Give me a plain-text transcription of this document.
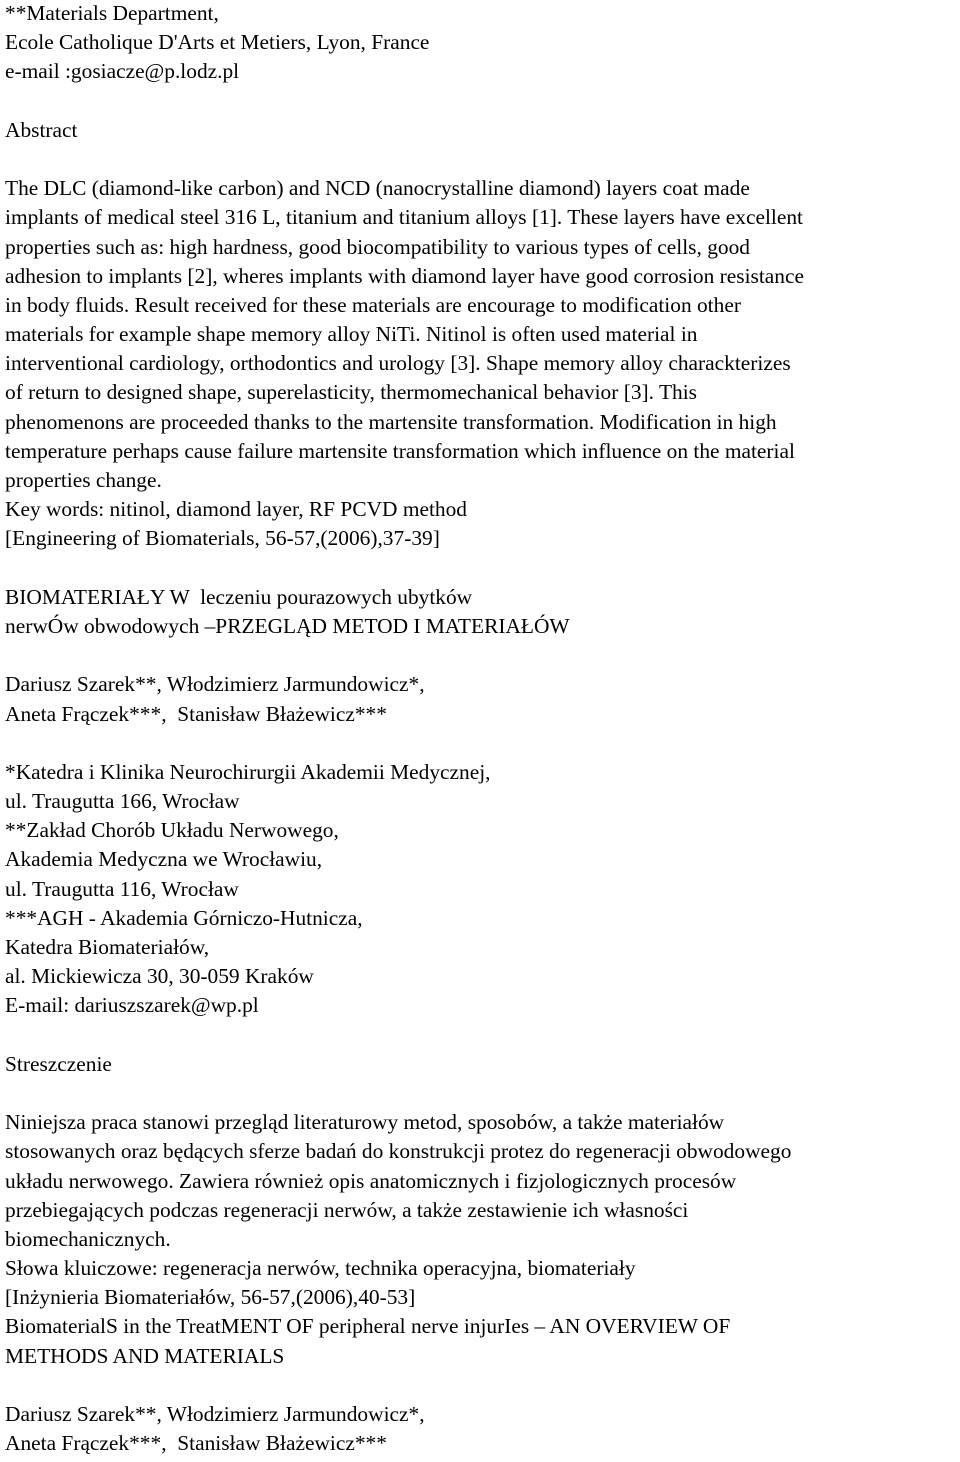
**Materials Department,
Ecole Catholique D'Arts et Metiers, Lyon, France
e-mail :gosiacze@p.lodz.pl
Abstract
The DLC (diamond-like carbon) and NCD (nanocrystalline diamond) layers coat made
implants of medical steel 316 L, titanium and titanium alloys [1]. These layers have excellent
properties such as: high hardness, good biocompatibility to various types of cells, good
adhesion to implants [2], wheres implants with diamond layer have good corrosion resistance
in body fluids. Result received for these materials are encourage to modification other
materials for example shape memory alloy NiTi. Nitinol is often used material in
interventional cardiology, orthodontics and urology [3]. Shape memory alloy charackterizes
of return to designed shape, superelasticity, thermomechanical behavior [3]. This
phenomenons are proceeded thanks to the martensite transformation. Modification in high
temperature perhaps cause failure martensite transformation which influence on the material
properties change.
Key words: nitinol, diamond layer, RF PCVD method
[Engineering of Biomaterials, 56-57,(2006),37-39]
BIOMATERIAŁY W  leczeniu pourazowych ubytków
nerwÓw obwodowych –PRZEGLĄD METOD I MATERIAŁÓW
Dariusz Szarek**, Włodzimierz Jarmundowicz*,
Aneta Frączek***,  Stanisław Błażewicz***
*Katedra i Klinika Neurochirurgii Akademii Medycznej,
ul. Traugutta 166, Wrocław
**Zakład Chorób Układu Nerwowego,
Akademia Medyczna we Wrocławiu,
ul. Traugutta 116, Wrocław
***AGH - Akademia Górniczo-Hutnicza,
Katedra Biomateriałów,
al. Mickiewicza 30, 30-059 Kraków
E-mail: dariuszszarek@wp.pl
Streszczenie
Niniejsza praca stanowi przegląd literaturowy metod, sposobów, a także materiałów
stosowanych oraz będących sferze badań do konstrukcji protez do regeneracji obwodowego
układu nerwowego. Zawiera również opis anatomicznych i fizjologicznych procesów
przebiegających podczas regeneracji nerwów, a także zestawienie ich własności
biomechanicznych.
Słowa kluiczowe: regeneracja nerwów, technika operacyjna, biomateriały
[Inżynieria Biomateriałów, 56-57,(2006),40-53]
BiomaterialS in the TreatMENT OF peripheral nerve injurIes – AN OVERVIEW OF
METHODS AND MATERIALS
Dariusz Szarek**, Włodzimierz Jarmundowicz*,
Aneta Frączek***,  Stanisław Błażewicz***
